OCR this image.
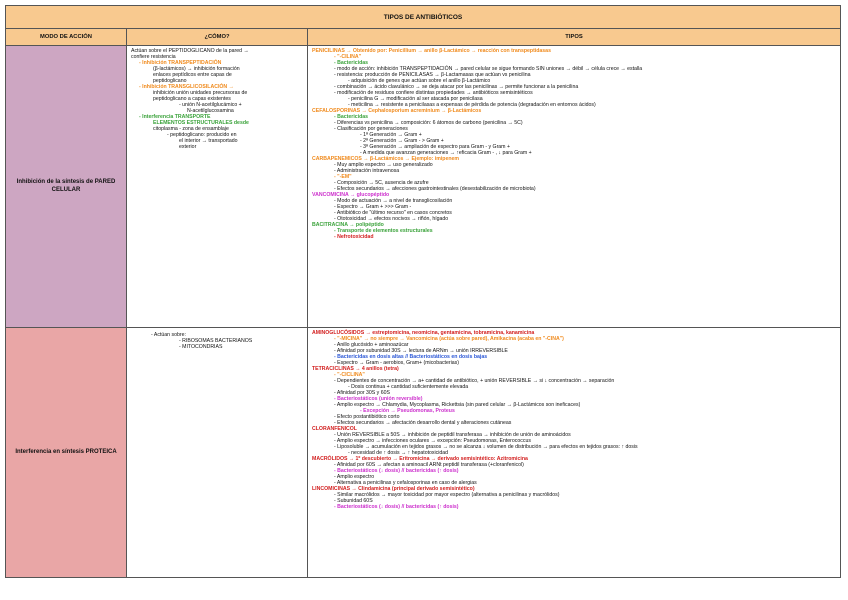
TIPOS DE ANTIBIÓTICOS
MODO DE ACCIÓN	¿CÓMO?	TIPOS
Inhibición de la síntesis de PARED CELULAR
Actúan sobre el PEPTIDOGLICANO de la pared →
confiere resistencia
- Inhibición TRANSPEPTIDACIÓN
(β-lactámicos) → inhibición formación
enlaces peptídicos entre capas de
peptidoglicano
- Inhibición TRANSGLICOSILACIÓN →
inhibición unión unidades precursoras de
peptidoglicano a capas existentes
- unión N-acetilglucámico +
N-acetilglucosamina
- Interferencia TRANSPORTE
ELEMENTOS ESTRUCTURALES desde
citoplasma - zona de ensamblaje
- peptidoglicano: producido en
el interior → transportado
exterior
PENICILINAS → Obtenido por: Penicillium → anillo β-Lactámico → reacción con transpeptidasas
- "-CILINA"
- Bactericidas
- modo de acción: inhibición TRANSPEPTIDACIÓN → pared celular se sigue formando SIN uniones → débil → célula crece → estalla
- resistencia: producción de PENICILASAS → β-Lactamasas que actúan vs penicilina
- adquisición de genes que actúan sobre el anillo β-Lactámico
- combinación → ácido clavulánico → se deja atacar por las penicilinas → permite funcionar a la penicilina
- modificación de residuos confiere distintas propiedades → antibióticos semisintéticos
- penicilina G → modificación al ser atacada por penicilasa
- meticilina → resistente a penicilasas a expensas de pérdida de potencia (degradación en entornos ácidos)
CEFALOSPORINAS → Cephalosporium acreminium → β-Lactámicos
- Bactericidas
- Diferencias vs penicilina → composición: 6 átomos de carbono (penicilina → 5C)
- Clasificación por generaciones
- 1ª Generación → Gram +
- 2ª Generación → Gram - > Gram +
- 3ª Generación → ampliación de espectro para Gram - y Gram +
- A medida que avanzan generaciones → ↑eficacia Gram - , ↓ para Gram +
CARBAPENEMICOS → β-Lactámicos → Ejemplo: imipenem
- Muy amplio espectro → uso generalizado
- Administración intravenosa
- "-EM"
- Composición → 5C, ausencia de azufre
- Efectos secundarios → afecciones gastrointestinales (desestabilización de microbiota)
VANCOMICINA → glucopéptido
- Modo de actuación → a nivel de transglicosilación
- Espectro → Gram + >>> Gram -
- Antibiótico de "último recurso" en casos concretos
- Ototoxicidad → efectos nocivos → riñón, hígado
BACITRACINA → polipéptido
- Transporte de elementos estructurales
- Nefrotoxicidad
Interferencia en síntesis PROTEICA
- Actúan sobre:
- RIBOSOMAS BACTERIANOS
- MITOCONDRIAS
AMINOGLUCÓSIDOS → estreptomicina, neomicina, gentamicina, tobramicina, kanamicina
- "-MICINA" → no siempre → Vancomicina (actúa sobre pared), Amikacina (acaba en "-CINA")
- Anillo glucósido + aminoazúcar
- Afinidad por subunidad 30S → lectura de ARNm → unión IRREVERSIBLE
- Bactericidas en dosis altas // Bacteriostáticos en dosis bajas
- Espectro → Gram - aerobios, Gram+ (micobacterias)
TETRACICLINAS → 4 anillos (tetra)
- "-CICLINA"
- Dependientes de concentración → a+ cantidad de antibiótico, + unión REVERSIBLE → si ↓ concentración → separación
- Dosis continua + cantidad suficientemente elevada
- Afinidad por 30S y 60S
- Bacteriostáticos (unión reversible)
- Amplio espectro → Chlamydia, Mycoplasma, Rickettsia (sin pared celular → β-Lactámicos son ineficaces)
- Excepción → Pseudomonas, Proteus
- Efecto postantibiótico corto
- Efectos secundarios → afectación desarrollo dental y alteraciones cutáneas
CLORANFENICOL
- Unión REVERSIBLE a 50S → inhibición de peptidil transferasa → inhibición de unión de aminoácidos
- Amplio espectro → infecciones oculares → excepción: Pseudomonas, Enterococcus
- Liposoluble → acumulación en tejidos grasos → no se alcanza ↓ volumen de distribución → para efectos en tejidos grasos: ↑ dosis
- necesidad de ↑ dosis → ↑ hepatotoxicidad
MACRÓLIDOS → 1º descubierto → Eritromicina → derivado semisintético: Azitromicina
- Afinidad por 60S → afectan a aminoacil ARNt peptidil transferasa (+cloranfenicol)
- Bacteriostáticos (↓ dosis) // bactericidas (↑ dosis)
- Amplio espectro
- Alternativa a penicilinas y cefalosporinas en caso de alergias
LINCOMICINAS → Clindamicina (principal derivado semisintético)
- Similar macrólidos → mayor toxicidad por mayor espectro (alternativa a penicilinas y macrólidos)
- Subunidad 60S
- Bacteriostáticos (↓ dosis) // bactericidas (↑ dosis)
